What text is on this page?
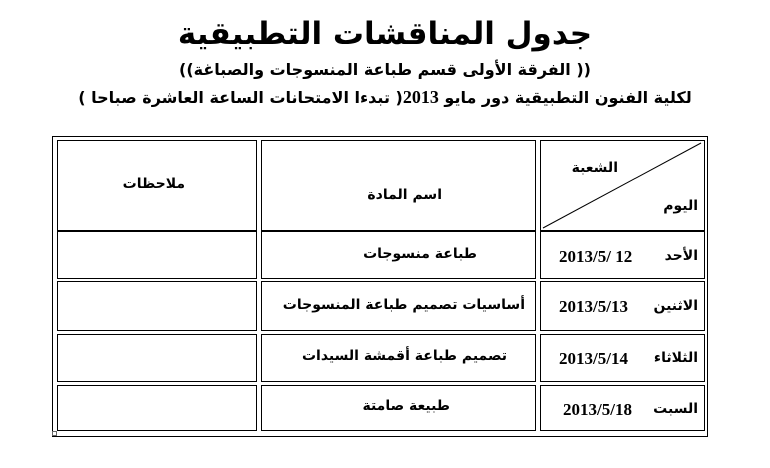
جدول المناقشات التطبيقية
(( الفرقة الأولى قسم طباعة المنسوجات والصباغة))
لكلية الفنون التطبيقية دور مايو 2013( تبدءا الامتحانات الساعة العاشرة صباحا )
الشعبة
اليوم
اسم المادة
ملاحظات
الأحد
2013/5/ 12
طباعة منسوجات
الاثنين
2013/5/13
أساسيات تصميم طباعة المنسوجات
الثلاثاء
2013/5/14
تصميم طباعة أقمشة السيدات
السبت
2013/5/18
طبيعة صامتة
